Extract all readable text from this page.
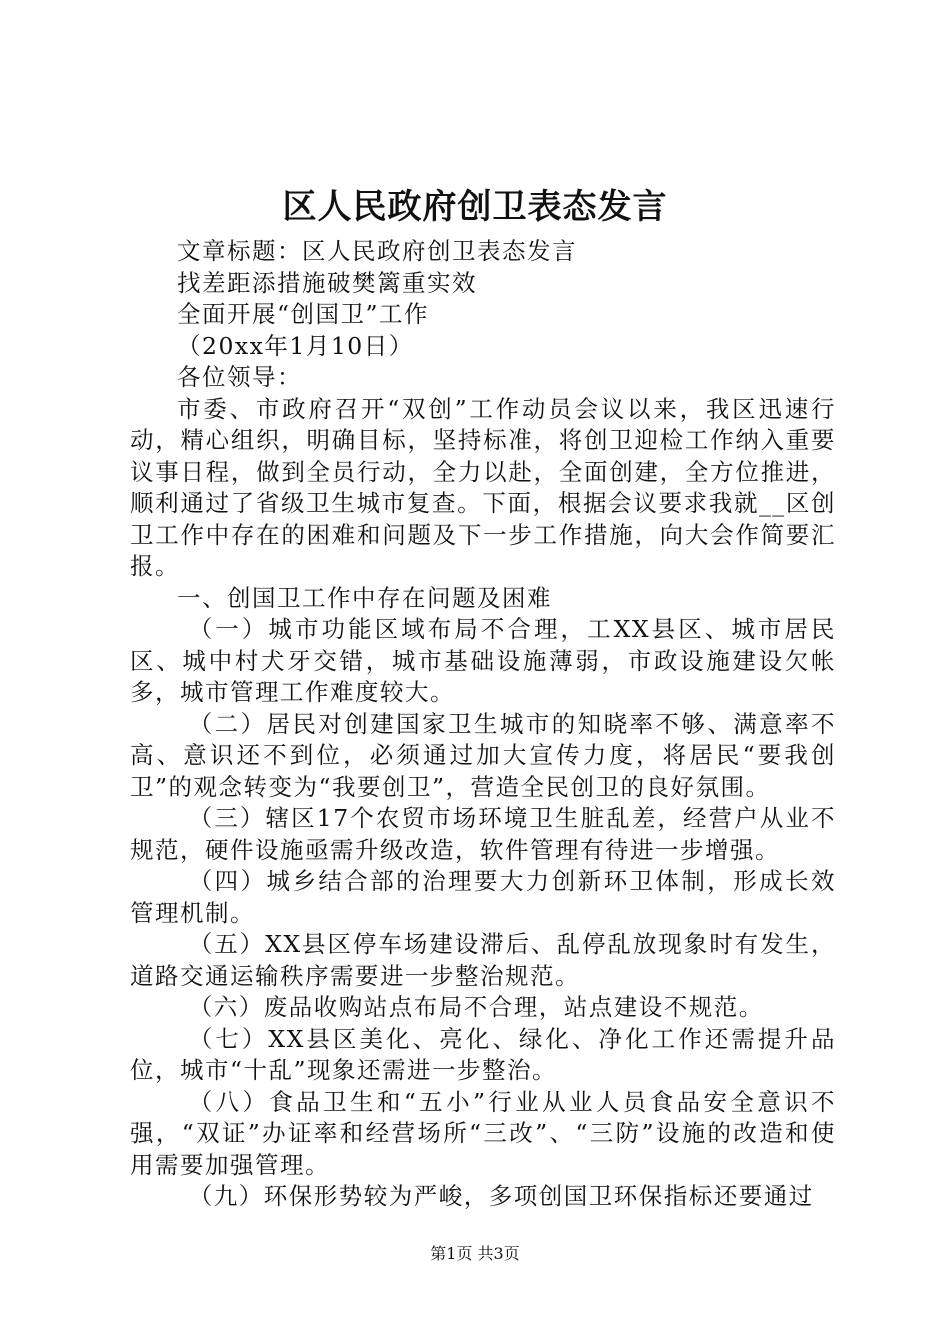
区人民政府创卫表态发言

文章标题：区人民政府创卫表态发言

找差距添措施破樊篱重实效

全面开展“创国卫”工作

（20xx年1月10日）

各位领导：

市委、市政府召开“双创”工作动员会议以来，我区迅速行动，精心组织，明确目标，坚持标准，将创卫迎检工作纳入重要议事日程，做到全员行动，全力以赴，全面创建，全方位推进，顺利通过了省级卫生城市复查。下面，根据会议要求我就__区创卫工作中存在的困难和问题及下一步工作措施，向大会作简要汇报。

一、创国卫工作中存在问题及困难

（一）城市功能区域布局不合理，工XX县区、城市居民区、城中村犬牙交错，城市基础设施薄弱，市政设施建设欠帐多，城市管理工作难度较大。

（二）居民对创建国家卫生城市的知晓率不够、满意率不高、意识还不到位，必须通过加大宣传力度，将居民“要我创卫”的观念转变为“我要创卫”，营造全民创卫的良好氛围。

（三）辖区17个农贸市场环境卫生脏乱差，经营户从业不规范，硬件设施亟需升级改造，软件管理有待进一步增强。

（四）城乡结合部的治理要大力创新环卫体制，形成长效管理机制。

（五）XX县区停车场建设滞后、乱停乱放现象时有发生，道路交通运输秩序需要进一步整治规范。

（六）废品收购站点布局不合理，站点建设不规范。

（七）XX县区美化、亮化、绿化、净化工作还需提升品位，城市“十乱”现象还需进一步整治。

（八）食品卫生和“五小”行业从业人员食品安全意识不强，“双证”办证率和经营场所“三改”、“三防”设施的改造和使用需要加强管理。

（九）环保形势较为严峻，多项创国卫环保指标还要通过

第1页 共3页
